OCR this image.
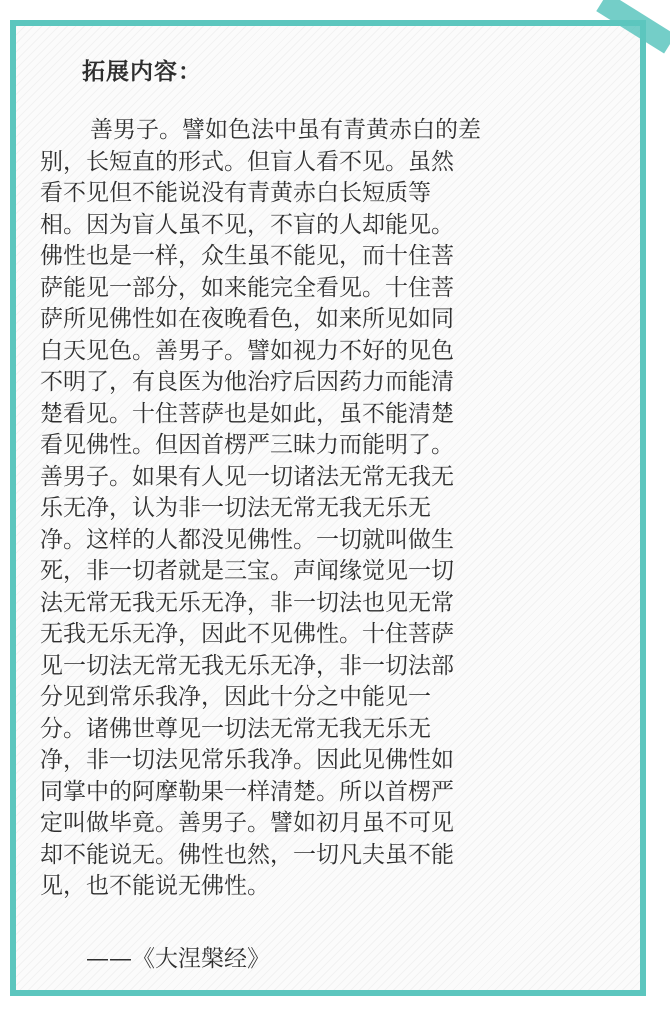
拓展内容：
善男子。譬如色法中虽有青黄赤白的差
别，长短直的形式。但盲人看不见。虽然
看不见但不能说没有青黄赤白长短质等
相。因为盲人虽不见，不盲的人却能见。
佛性也是一样，众生虽不能见，而十住菩
萨能见一部分，如来能完全看见。十住菩
萨所见佛性如在夜晚看色，如来所见如同
白天见色。善男子。譬如视力不好的见色
不明了，有良医为他治疗后因药力而能清
楚看见。十住菩萨也是如此，虽不能清楚
看见佛性。但因首楞严三昧力而能明了。
善男子。如果有人见一切诸法无常无我无
乐无净，认为非一切法无常无我无乐无
净。这样的人都没见佛性。一切就叫做生
死，非一切者就是三宝。声闻缘觉见一切
法无常无我无乐无净，非一切法也见无常
无我无乐无净，因此不见佛性。十住菩萨
见一切法无常无我无乐无净，非一切法部
分见到常乐我净，因此十分之中能见一
分。诸佛世尊见一切法无常无我无乐无
净，非一切法见常乐我净。因此见佛性如
同掌中的阿摩勒果一样清楚。所以首楞严
定叫做毕竟。善男子。譬如初月虽不可见
却不能说无。佛性也然，一切凡夫虽不能
见，也不能说无佛性。

——《大涅槃经》
